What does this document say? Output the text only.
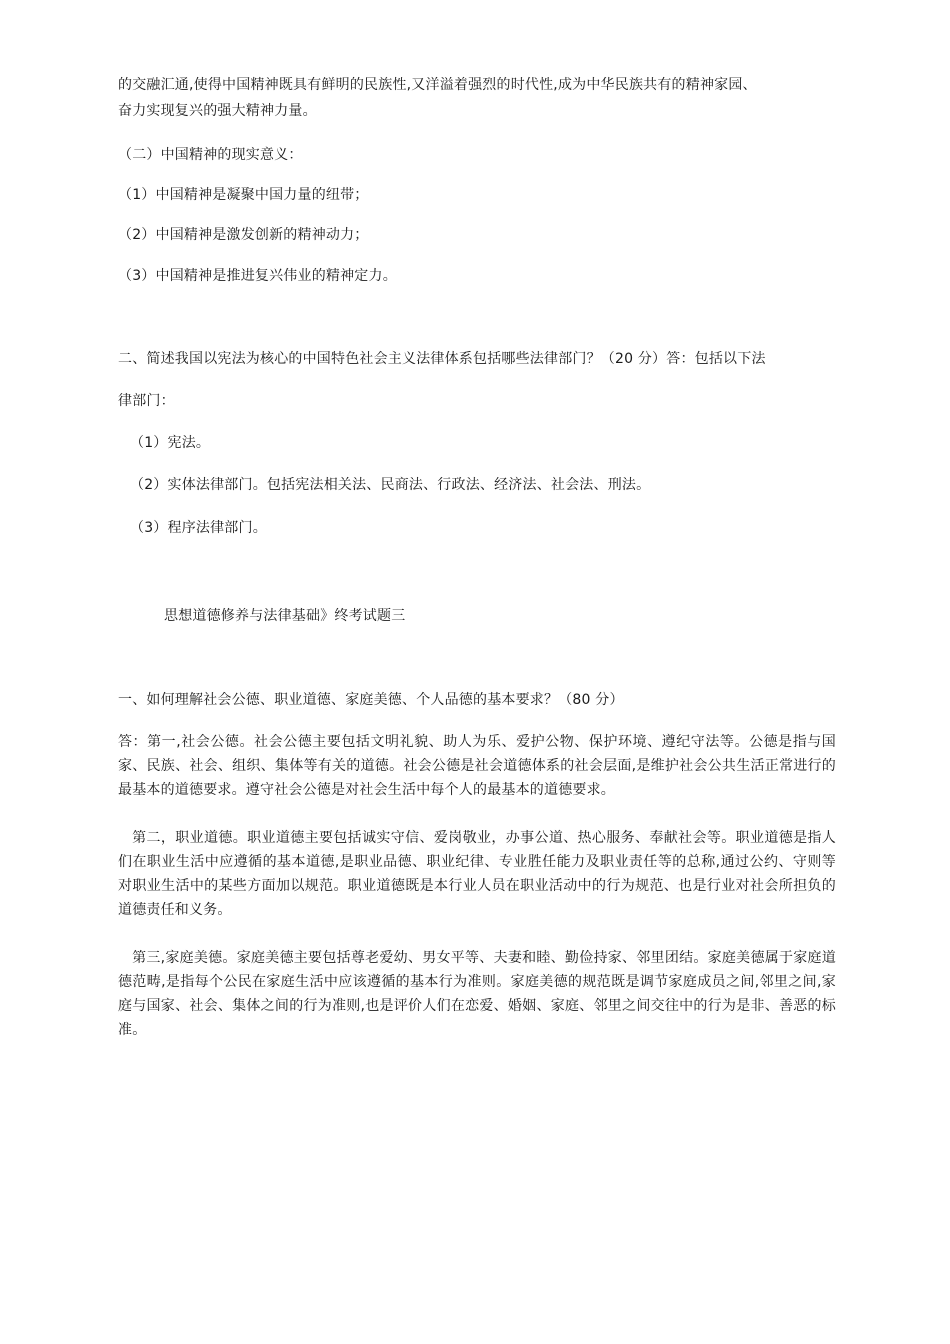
的交融汇通,使得中国精神既具有鲜明的民族性,又洋溢着强烈的时代性,成为中华民族共有的精神家园、

奋力实现复兴的强大精神力量。

（二）中国精神的现实意义：

（1）中国精神是凝聚中国力量的纽带；

（2）中国精神是激发创新的精神动力；

（3）中国精神是推进复兴伟业的精神定力。

二、简述我国以宪法为核心的中国特色社会主义法律体系包括哪些法律部门？（20 分）答：包括以下法

律部门：

（1）宪法。

（2）实体法律部门。包括宪法相关法、民商法、行政法、经济法、社会法、刑法。

（3）程序法律部门。

思想道德修养与法律基础》终考试题三

一、如何理解社会公德、职业道德、家庭美德、个人品德的基本要求？（80 分）

答：第一,社会公德。社会公德主要包括文明礼貌、助人为乐、爱护公物、保护环境、遵纪守法等。公德是指与国家、民族、社会、组织、集体等有关的道德。社会公德是社会道德体系的社会层面,是维护社会公共生活正常进行的最基本的道德要求。遵守社会公德是对社会生活中每个人的最基本的道德要求。

第二，职业道德。职业道德主要包括诚实守信、爱岗敬业，办事公道、热心服务、奉献社会等。职业道德是指人们在职业生活中应遵循的基本道德,是职业品德、职业纪律、专业胜任能力及职业责任等的总称,通过公约、守则等对职业生活中的某些方面加以规范。职业道德既是本行业人员在职业活动中的行为规范、也是行业对社会所担负的道德责任和义务。

第三,家庭美德。家庭美德主要包括尊老爱幼、男女平等、夫妻和睦、勤俭持家、邻里团结。家庭美德属于家庭道德范畴,是指每个公民在家庭生活中应该遵循的基本行为准则。家庭美德的规范既是调节家庭成员之间,邻里之间,家庭与国家、社会、集体之间的行为准则,也是评价人们在恋爱、婚姻、家庭、邻里之间交往中的行为是非、善恶的标准。
